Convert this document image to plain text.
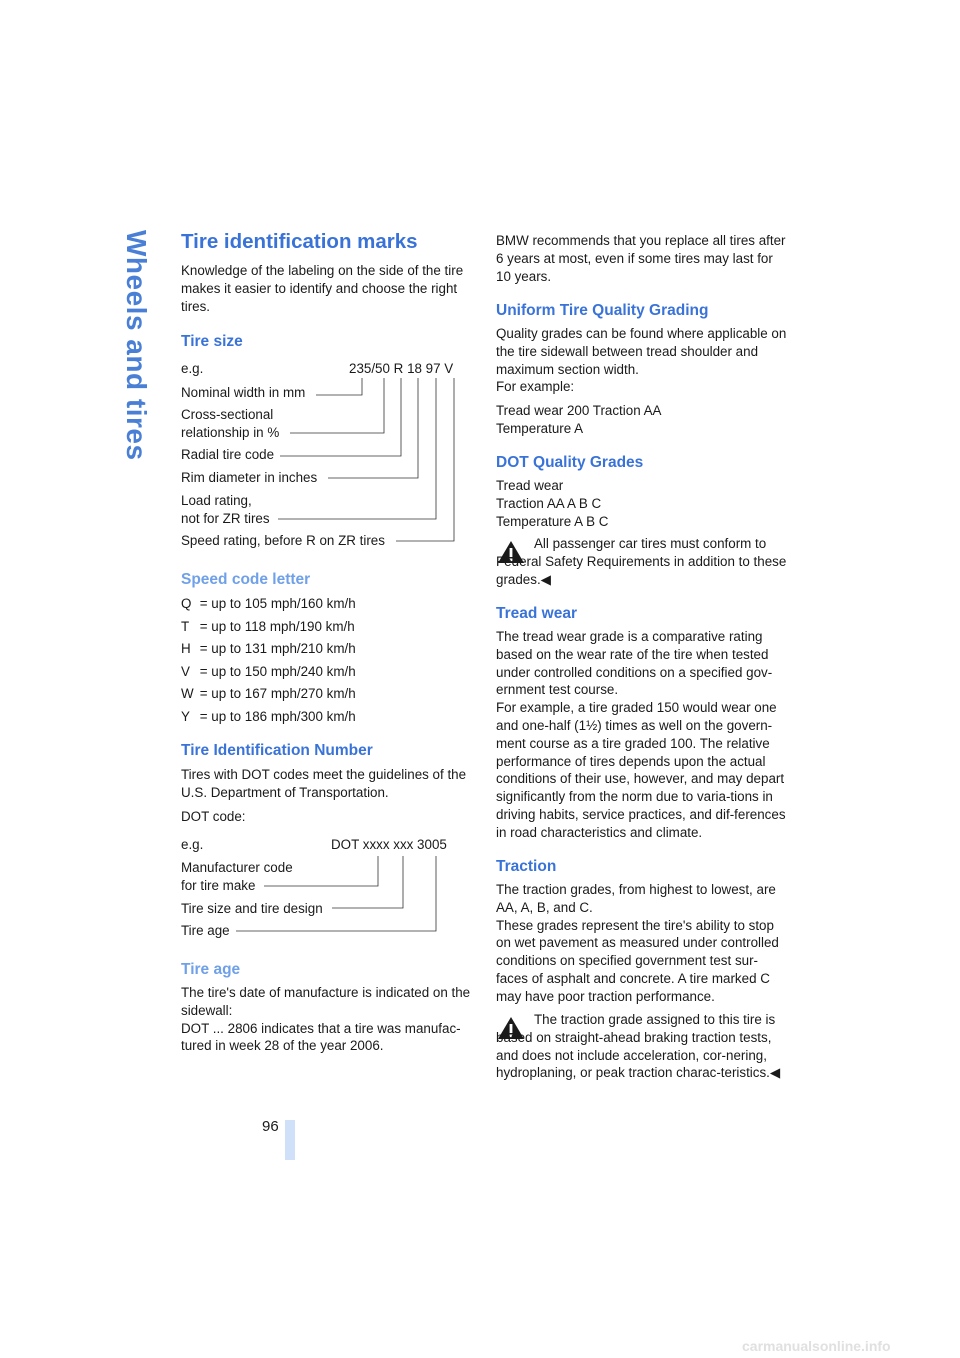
Wheels and tires
96
Tire identification marks

Knowledge of the labeling on the side of the tire makes it easier to identify and choose the right tires.

Tire size
e.g.	235/50 R 18 97 V
Nominal width in mm
Cross-sectional
relationship in %
Radial tire code
Rim diameter in inches
Load rating,
not for ZR tires
Speed rating, before R on ZR tires
Speed code letter
Q = up to 105 mph/160 km/h
T = up to 118 mph/190 km/h
H = up to 131 mph/210 km/h
V = up to 150 mph/240 km/h
W = up to 167 mph/270 km/h
Y = up to 186 mph/300 km/h
Tire Identification Number

Tires with DOT codes meet the guidelines of the U.S. Department of Transportation.

DOT code:

e.g.	DOT xxxx xxx 3005
Manufacturer code
for tire make
Tire size and tire design
Tire age
Tire age

The tire's date of manufacture is indicated on the sidewall:

DOT ... 2806 indicates that a tire was manufac-tured in week 28 of the year 2006.

BMW recommends that you replace all tires after 6 years at most, even if some tires may last for 10 years.

Uniform Tire Quality Grading

Quality grades can be found where applicable on the tire sidewall between tread shoulder and maximum section width.

For example:

Tread wear 200 Traction AA

Temperature A

DOT Quality Grades

Tread wear

Traction AA A B C

Temperature A B C

All passenger car tires must conform to Federal Safety Requirements in addition to these grades.◀

Tread wear

The tread wear grade is a comparative rating based on the wear rate of the tire when tested under controlled conditions on a specified gov-ernment test course.

For example, a tire graded 150 would wear one and one-half (1½) times as well on the govern-ment course as a tire graded 100. The relative performance of tires depends upon the actual conditions of their use, however, and may depart significantly from the norm due to varia-tions in driving habits, service practices, and dif-ferences in road characteristics and climate.

Traction

The traction grades, from highest to lowest, are AA, A, B, and C.

These grades represent the tire's ability to stop on wet pavement as measured under controlled conditions on specified government test sur-faces of asphalt and concrete. A tire marked C may have poor traction performance.

The traction grade assigned to this tire is based on straight-ahead braking traction tests, and does not include acceleration, cor-nering, hydroplaning, or peak traction charac-teristics.◀

carmanualsonline.info
